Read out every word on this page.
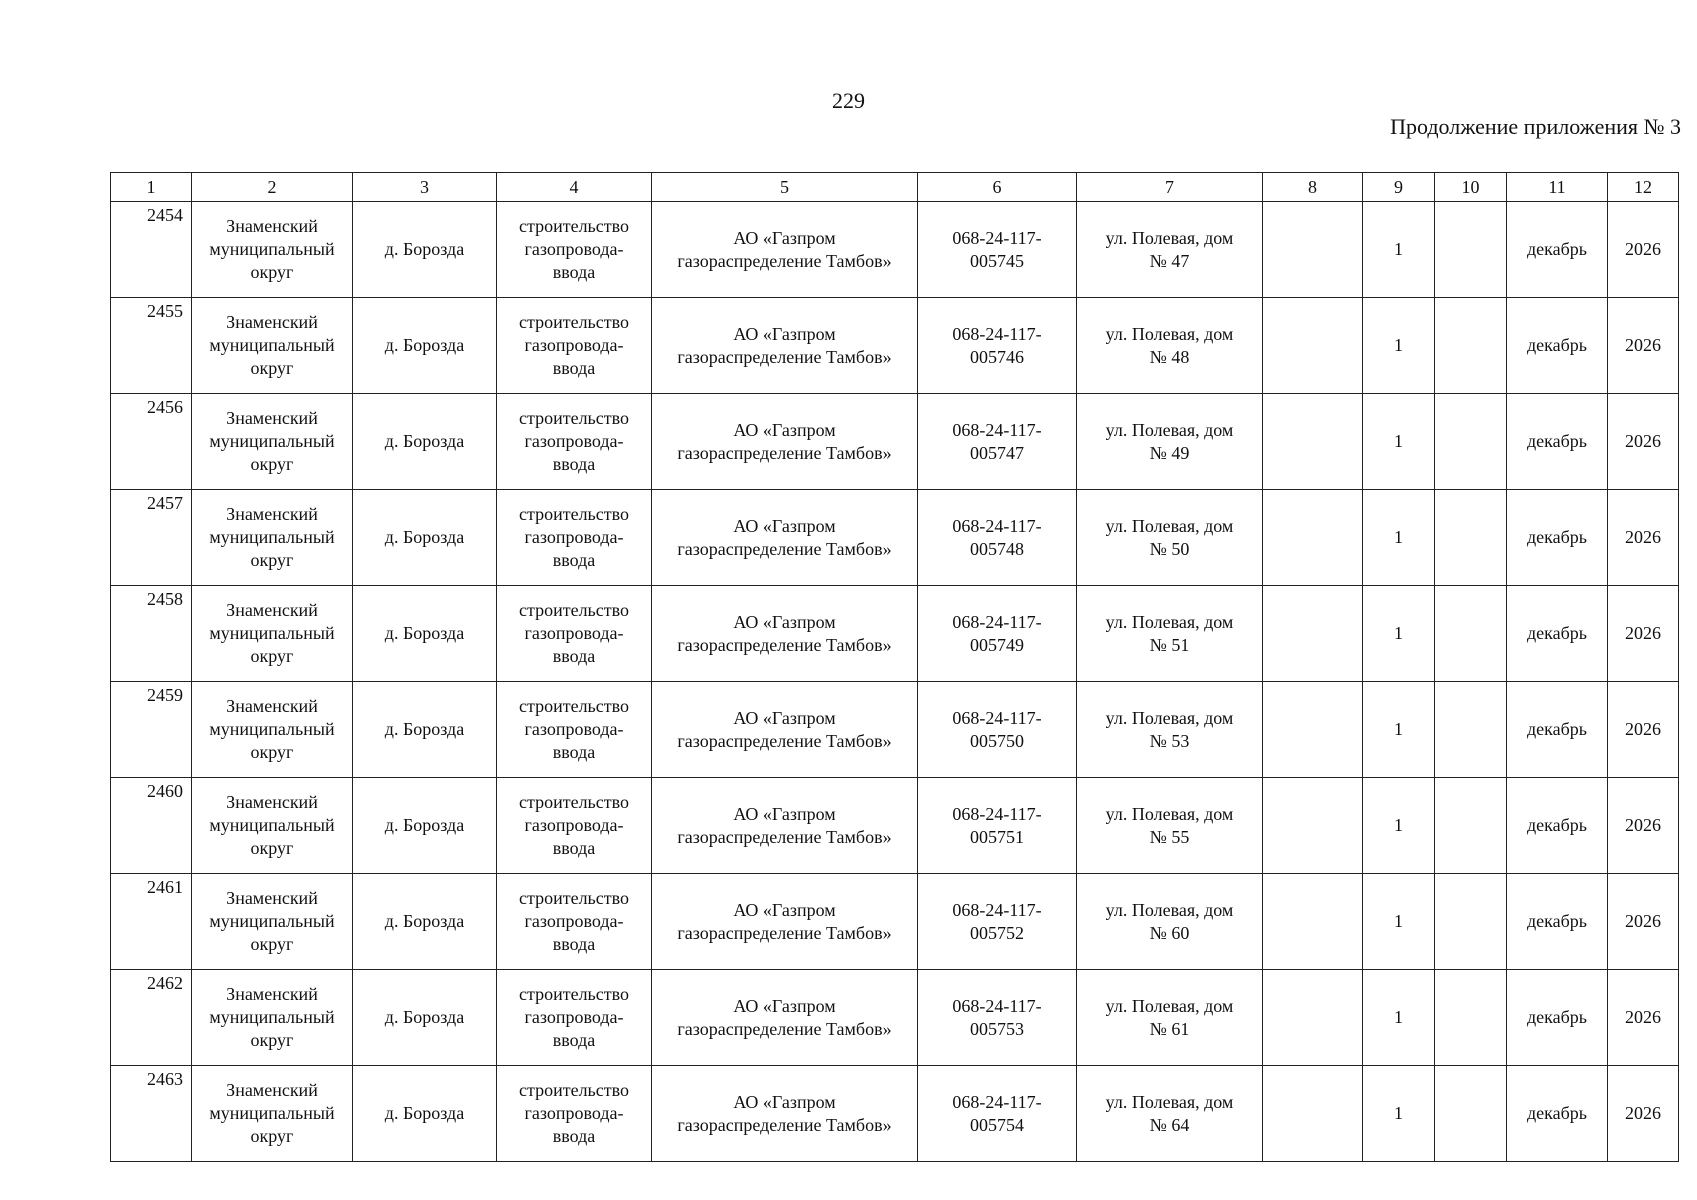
229
Продолжение приложения № 3
1	2	3	4	5	6	7	8	9	10	11	12
2454	Знаменский
муниципальный
округ	д. Борозда	строительство
газопровода-
ввода	АО «Газпром
газораспределение Тамбов»	068-24-117-
005745	ул. Полевая, дом
№ 47		1		декабрь	2026
2455	Знаменский
муниципальный
округ	д. Борозда	строительство
газопровода-
ввода	АО «Газпром
газораспределение Тамбов»	068-24-117-
005746	ул. Полевая, дом
№ 48		1		декабрь	2026
2456	Знаменский
муниципальный
округ	д. Борозда	строительство
газопровода-
ввода	АО «Газпром
газораспределение Тамбов»	068-24-117-
005747	ул. Полевая, дом
№ 49		1		декабрь	2026
2457	Знаменский
муниципальный
округ	д. Борозда	строительство
газопровода-
ввода	АО «Газпром
газораспределение Тамбов»	068-24-117-
005748	ул. Полевая, дом
№ 50		1		декабрь	2026
2458	Знаменский
муниципальный
округ	д. Борозда	строительство
газопровода-
ввода	АО «Газпром
газораспределение Тамбов»	068-24-117-
005749	ул. Полевая, дом
№ 51		1		декабрь	2026
2459	Знаменский
муниципальный
округ	д. Борозда	строительство
газопровода-
ввода	АО «Газпром
газораспределение Тамбов»	068-24-117-
005750	ул. Полевая, дом
№ 53		1		декабрь	2026
2460	Знаменский
муниципальный
округ	д. Борозда	строительство
газопровода-
ввода	АО «Газпром
газораспределение Тамбов»	068-24-117-
005751	ул. Полевая, дом
№ 55		1		декабрь	2026
2461	Знаменский
муниципальный
округ	д. Борозда	строительство
газопровода-
ввода	АО «Газпром
газораспределение Тамбов»	068-24-117-
005752	ул. Полевая, дом
№ 60		1		декабрь	2026
2462	Знаменский
муниципальный
округ	д. Борозда	строительство
газопровода-
ввода	АО «Газпром
газораспределение Тамбов»	068-24-117-
005753	ул. Полевая, дом
№ 61		1		декабрь	2026
2463	Знаменский
муниципальный
округ	д. Борозда	строительство
газопровода-
ввода	АО «Газпром
газораспределение Тамбов»	068-24-117-
005754	ул. Полевая, дом
№ 64		1		декабрь	2026
